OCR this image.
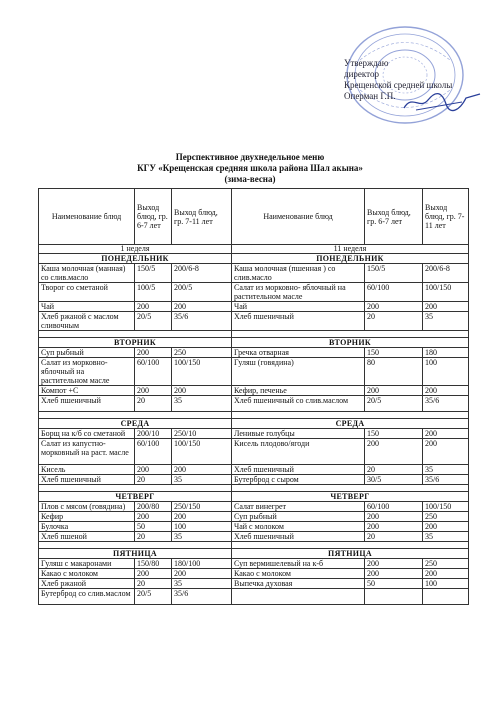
Утверждаю
директор
Крещенской средней школы
Оперман Г.П.
Перспективное двухнедельное меню
КГУ «Крещенская средняя школа района Шал акына»
(зима-весна)
Наименование блюд	Выход блюд, гр. 6-7 лет	Выход блюд, гр. 7-11 лет	Наименование блюд	Выход блюд, гр. 6-7 лет	Выход блюд, гр. 7-11 лет
1 неделя			11 неделя		
ПОНЕДЕЛЬНИК			ПОНЕДЕЛЬНИК		
Каша молочная (манная) со слив.масло	150/5	200/6-8	Каша молочная (пшенная ) со слив.масло	150/5	200/6-8
Творог со сметаной	100/5	200/5	Салат из морковно- яблочный на растительном масле	60/100	100/150
Чай	200	200	Чай	200	200
Хлеб ржаной с маслом сливочным	20/5	35/6	Хлеб пшеничный	20	35

ВТОРНИК			ВТОРНИК		
Суп рыбный	200	250	Гречка отварная	150	180
Салат из морковно-яблочный на растительном масле	60/100	100/150	Гуляш (говядина)	80	100
Компот +С	200	200	Кефир, печенье	200	200
Хлеб пшеничный	20	35	Хлеб пшеничный со слив.маслом	20/5	35/6

СРЕДА			СРЕДА		
Борщ на к/б со сметаной	200/10	250/10	Ленивые голубцы	150	200
Салат из капустно-морковный на раст. масле	60/100	100/150	Кисель плодово/ягоди	200	200
Кисель	200	200	Хлеб пшеничный	20	35
Хлеб пшеничный	20	35	Бутерброд с сыром	30/5	35/6

ЧЕТВЕРГ			ЧЕТВЕРГ		
Плов с мясом (говядина)	200/80	250/150	Салат винегрет	60/100	100/150
Кефир	200	200	Суп рыбный	200	250
Булочка	50	100	Чай с молоком	200	200
Хлеб пшеной	20	35	Хлеб пшеничный	20	35

ПЯТНИЦА			ПЯТНИЦА		
Гуляш с макаронами	150/80	180/100	Суп вермишелевый на к-б	200	250
Какао с молоком	200	200	Какао с молоком	200	200
Хлеб ржаной	20	35	Выпечка духовая	50	100
Бутерброд со слив.маслом	20/5	35/6			
